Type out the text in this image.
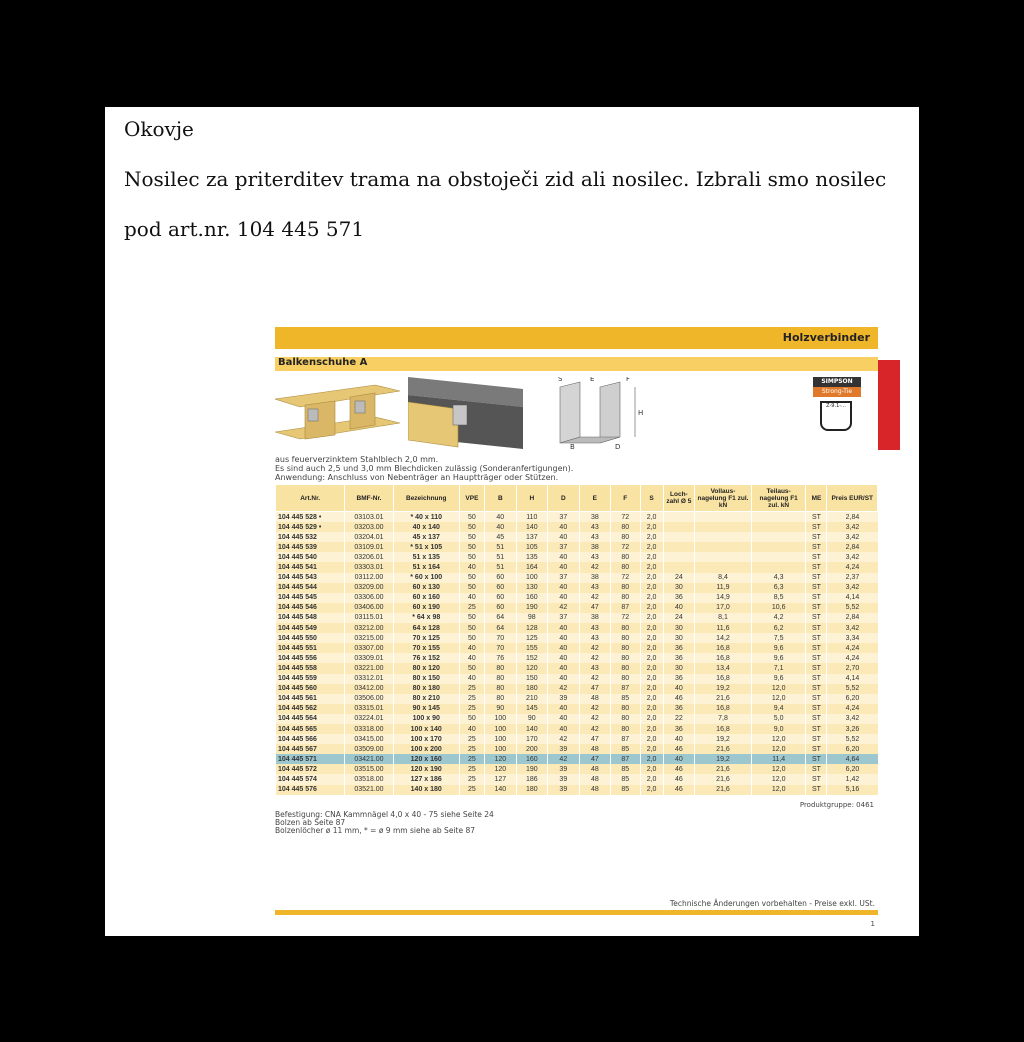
Okovje
Nosilec za priterditev trama na obstoječi zid ali nosilec. Izbrali smo nosilec
pod art.nr. 104 445 571
Holzverbinder
Balkenschuhe A
SIMPSON
Strong-Tie
Z-9.1-...
H
B	D
S	E	F
aus feuerverzinktem Stahlblech 2,0 mm.
Es sind auch 2,5 und 3,0 mm Blechdicken zulässig (Sonderanfertigungen).
Anwendung: Anschluss von Nebenträger an Hauptträger oder Stützen.
Art.Nr.	BMF-Nr.	Bezeichnung	VPE	B	H	D	E	F	S	Loch-zahl Ø 5	Vollaus-nagelung F1 zul. kN	Teilaus-nagelung F1 zul. kN	ME	Preis EUR/ST
104 445 528 •	03103.01	* 40 x 110	50	40	110	37	38	72	2,0				ST	2,84
104 445 529 •	03203.00	40 x 140	50	40	140	40	43	80	2,0				ST	3,42
104 445 532	03204.01	45 x 137	50	45	137	40	43	80	2,0				ST	3,42
104 445 539	03109.01	* 51 x 105	50	51	105	37	38	72	2,0				ST	2,84
104 445 540	03206.01	51 x 135	50	51	135	40	43	80	2,0				ST	3,42
104 445 541	03303.01	51 x 164	40	51	164	40	42	80	2,0				ST	4,24
104 445 543	03112.00	* 60 x 100	50	60	100	37	38	72	2,0	24	8,4	4,3	ST	2,37
104 445 544	03209.00	60 x 130	50	60	130	40	43	80	2,0	30	11,9	6,3	ST	3,42
104 445 545	03306.00	60 x 160	40	60	160	40	42	80	2,0	36	14,9	8,5	ST	4,14
104 445 546	03406.00	60 x 190	25	60	190	42	47	87	2,0	40	17,0	10,6	ST	5,52
104 445 548	03115.01	* 64 x 98	50	64	98	37	38	72	2,0	24	8,1	4,2	ST	2,84
104 445 549	03212.00	64 x 128	50	64	128	40	43	80	2,0	30	11,6	6,2	ST	3,42
104 445 550	03215.00	70 x 125	50	70	125	40	43	80	2,0	30	14,2	7,5	ST	3,34
104 445 551	03307.00	70 x 155	40	70	155	40	42	80	2,0	36	16,8	9,6	ST	4,24
104 445 556	03309.01	76 x 152	40	76	152	40	42	80	2,0	36	16,8	9,6	ST	4,24
104 445 558	03221.00	80 x 120	50	80	120	40	43	80	2,0	30	13,4	7,1	ST	2,70
104 445 559	03312.01	80 x 150	40	80	150	40	42	80	2,0	36	16,8	9,6	ST	4,14
104 445 560	03412.00	80 x 180	25	80	180	42	47	87	2,0	40	19,2	12,0	ST	5,52
104 445 561	03506.00	80 x 210	25	80	210	39	48	85	2,0	46	21,6	12,0	ST	6,20
104 445 562	03315.01	90 x 145	25	90	145	40	42	80	2,0	36	16,8	9,4	ST	4,24
104 445 564	03224.01	100 x 90	50	100	90	40	42	80	2,0	22	7,8	5,0	ST	3,42
104 445 565	03318.00	100 x 140	40	100	140	40	42	80	2,0	36	16,8	9,0	ST	3,26
104 445 566	03415.00	100 x 170	25	100	170	42	47	87	2,0	40	19,2	12,0	ST	5,52
104 445 567	03509.00	100 x 200	25	100	200	39	48	85	2,0	46	21,6	12,0	ST	6,20
104 445 571	03421.00	120 x 160	25	120	160	42	47	87	2,0	40	19,2	11,4	ST	4,64
104 445 572	03515.00	120 x 190	25	120	190	39	48	85	2,0	46	21,6	12,0	ST	6,20
104 445 574	03518.00	127 x 186	25	127	186	39	48	85	2,0	46	21,6	12,0	ST	1,42
104 445 576	03521.00	140 x 180	25	140	180	39	48	85	2,0	46	21,6	12,0	ST	5,16
Produktgruppe: 0461
Befestigung: CNA Kammnägel 4,0 x 40 - 75 siehe Seite 24
Bolzen ab Seite 87
Bolzenlöcher ø 11 mm, * = ø 9 mm siehe ab Seite 87
Technische Änderungen vorbehalten - Preise exkl. USt.
1
